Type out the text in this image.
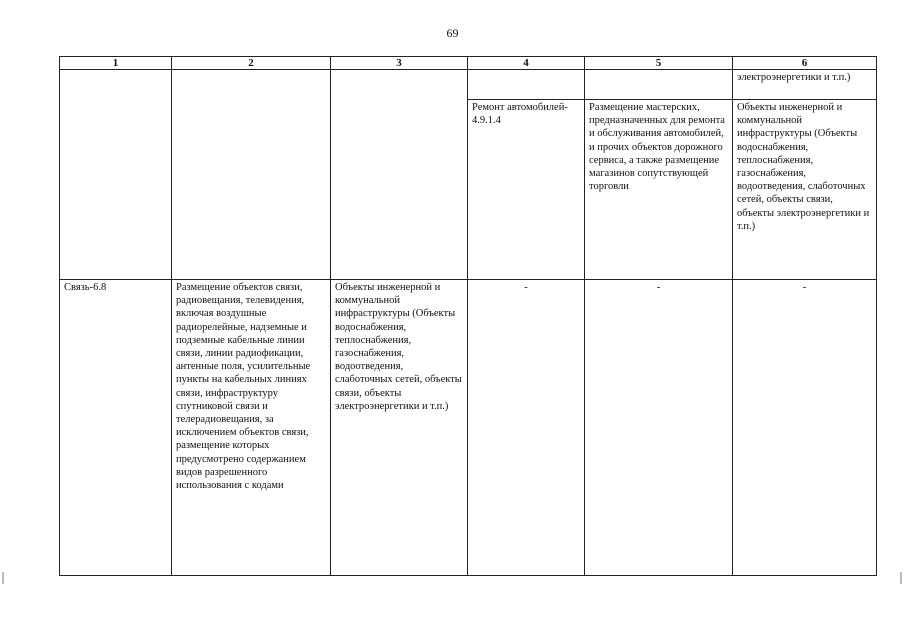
69
1	2	3	4	5	6
					электроэнергетики и т.п.)
			Ремонт автомобилей- 4.9.1.4	Размещение мастерских, предназначенных для ремонта и обслуживания автомобилей, и прочих объектов дорожного сервиса, а также размещение магазинов сопутствующей торговли	Объекты инженерной и коммунальной инфраструктуры (Объекты водоснабжения, теплоснабжения, газоснабжения, водоотведения, слаботочных сетей, объекты связи, объекты электроэнергетики и т.п.)
Связь-6.8	Размещение объектов связи, радиовещания, телевидения, включая воздушные радиорелейные, надземные и подземные кабельные линии связи, линии радиофикации, антенные поля, усилительные пункты на кабельных линиях связи, инфраструктуру спутниковой связи и телерадиовещания, за исключением объектов связи, размещение которых предусмотрено содержанием видов разрешенного использования с кодами	Объекты инженерной и коммунальной инфраструктуры (Объекты водоснабжения, теплоснабжения, газоснабжения, водоотведения, слаботочных сетей, объекты связи, объекты электроэнергетики и т.п.)	-	-	-
